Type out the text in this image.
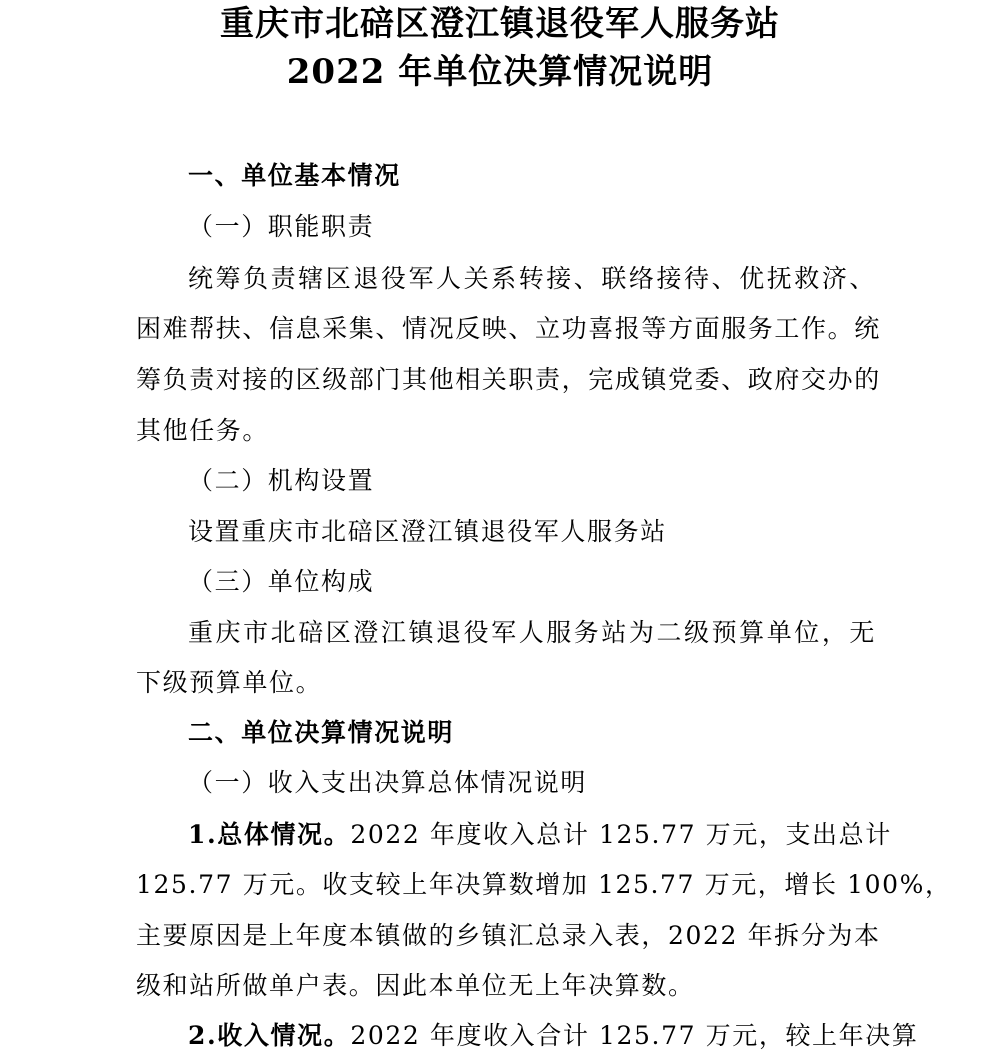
重庆市北碚区澄江镇退役军人服务站
2022 年单位决算情况说明
一、单位基本情况
（一）职能职责
统筹负责辖区退役军人关系转接、联络接待、优抚救济、
困难帮扶、信息采集、情况反映、立功喜报等方面服务工作。统
筹负责对接的区级部门其他相关职责，完成镇党委、政府交办的
其他任务。
（二）机构设置
设置重庆市北碚区澄江镇退役军人服务站
（三）单位构成
重庆市北碚区澄江镇退役军人服务站为二级预算单位，无
下级预算单位。
二、单位决算情况说明
（一）收入支出决算总体情况说明
1.总体情况。2022 年度收入总计 125.77 万元，支出总计
125.77 万元。收支较上年决算数增加 125.77 万元，增长 100%，
主要原因是上年度本镇做的乡镇汇总录入表，2022 年拆分为本
级和站所做单户表。因此本单位无上年决算数。
2.收入情况。2022 年度收入合计 125.77 万元，较上年决算
